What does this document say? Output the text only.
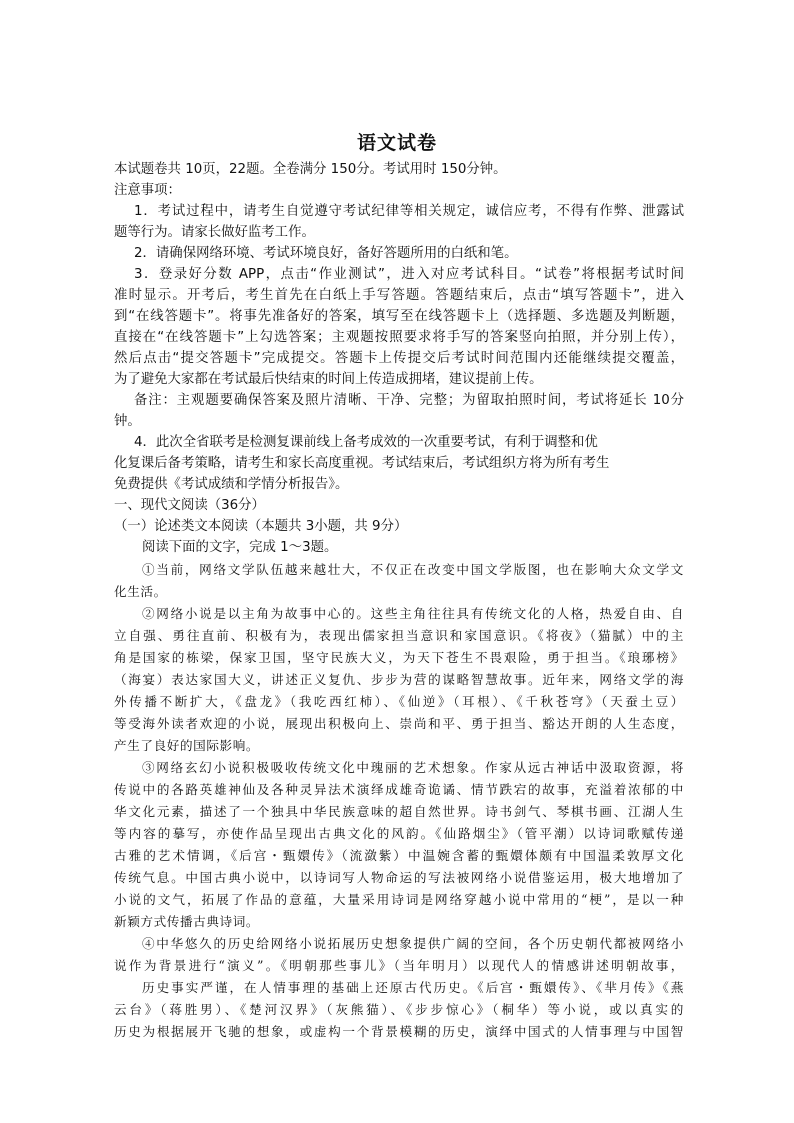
语文试卷
本试题卷共 10页，22题。全卷满分 150分。考试用时 150分钟。
注意事项：
1．考试过程中，请考生自觉遵守考试纪律等相关规定，诚信应考，不得有作弊、泄露试
题等行为。请家长做好监考工作。
2．请确保网络环境、考试环境良好，备好答题所用的白纸和笔。
3．登录好分数 APP，点击“作业测试”，进入对应考试科目。“试卷”将根据考试时间
准时显示。开考后，考生首先在白纸上手写答题。答题结束后，点击“填写答题卡”，进入
到“在线答题卡”。将事先准备好的答案，填写至在线答题卡上（选择题、多选题及判断题，
直接在“在线答题卡”上勾选答案；主观题按照要求将手写的答案竖向拍照，并分别上传），
然后点击“提交答题卡”完成提交。答题卡上传提交后考试时间范围内还能继续提交覆盖，
为了避免大家都在考试最后快结束的时间上传造成拥堵，建议提前上传。
备注：主观题要确保答案及照片清晰、干净、完整；为留取拍照时间，考试将延长 10分
钟。
4．此次全省联考是检测复课前线上备考成效的一次重要考试，有利于调整和优
化复课后备考策略，请考生和家长高度重视。考试结束后，考试组织方将为所有考生
免费提供《考试成绩和学情分析报告》。
一、现代文阅读（36分）
（一）论述类文本阅读（本题共 3小题，共 9分）
阅读下面的文字，完成 1～3题。
①当前，网络文学队伍越来越壮大，不仅正在改变中国文学版图，也在影响大众文学文
化生活。
②网络小说是以主角为故事中心的。这些主角往往具有传统文化的人格，热爱自由、自
立自强、勇往直前、积极有为，表现出儒家担当意识和家国意识。《将夜》（猫腻）中的主
角是国家的栋梁，保家卫国，坚守民族大义，为天下苍生不畏艰险，勇于担当。《琅琊榜》
（海宴）表达家国大义，讲述正义复仇、步步为营的谋略智慧故事。近年来，网络文学的海
外传播不断扩大，《盘龙》（我吃西红柿）、《仙逆》（耳根）、《千秋苍穹》（天蚕土豆）
等受海外读者欢迎的小说，展现出积极向上、崇尚和平、勇于担当、豁达开朗的人生态度，
产生了良好的国际影响。
③网络玄幻小说积极吸收传统文化中瑰丽的艺术想象。作家从远古神话中汲取资源，将
传说中的各路英雄神仙及各种灵异法术演绎成雄奇诡谲、情节跌宕的故事，充溢着浓郁的中
华文化元素，描述了一个独具中华民族意味的超自然世界。诗书剑气、琴棋书画、江湖人生
等内容的摹写，亦使作品呈现出古典文化的风韵。《仙路烟尘》（管平潮）以诗词歌赋传递
古雅的艺术情调，《后宫・甄嬛传》（流潋紫）中温婉含蓄的甄嬛体颇有中国温柔敦厚文化
传统气息。中国古典小说中，以诗词写人物命运的写法被网络小说借鉴运用，极大地增加了
小说的文气，拓展了作品的意蕴，大量采用诗词是网络穿越小说中常用的“梗”，是以一种
新颖方式传播古典诗词。
④中华悠久的历史给网络小说拓展历史想象提供广阔的空间，各个历史朝代都被网络小
说作为背景进行“演义”。《明朝那些事儿》（当年明月）以现代人的情感讲述明朝故事，
历史事实严谨，在人情事理的基础上还原古代历史。《后宫・甄嬛传》、《芈月传》《燕
云台》（蒋胜男）、《楚河汉界》（灰熊猫）、《步步惊心》（桐华）等小说，或以真实的
历史为根据展开飞驰的想象，或虚构一个背景模糊的历史，演绎中国式的人情事理与中国智
